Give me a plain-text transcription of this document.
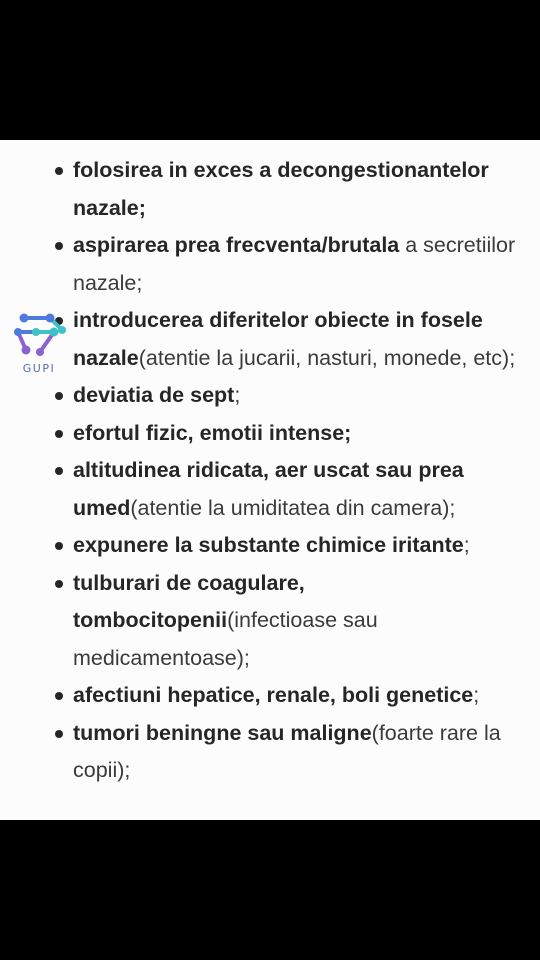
folosirea in exces a decongestionantelor nazale;
aspirarea prea frecventa/brutala a secretiilor nazale;
introducerea diferitelor obiecte in fosele nazale(atentie la jucarii, nasturi, monede, etc);
deviatia de sept;
efortul fizic, emotii intense;
altitudinea ridicata, aer uscat sau prea umed(atentie la umiditatea din camera);
expunere la substante chimice iritante;
tulburari de coagulare, tombocitopenii(infectioase sau medicamentoase);
afectiuni hepatice, renale, boli genetice;
tumori beningne sau maligne(foarte rare la copii);
GUPI
